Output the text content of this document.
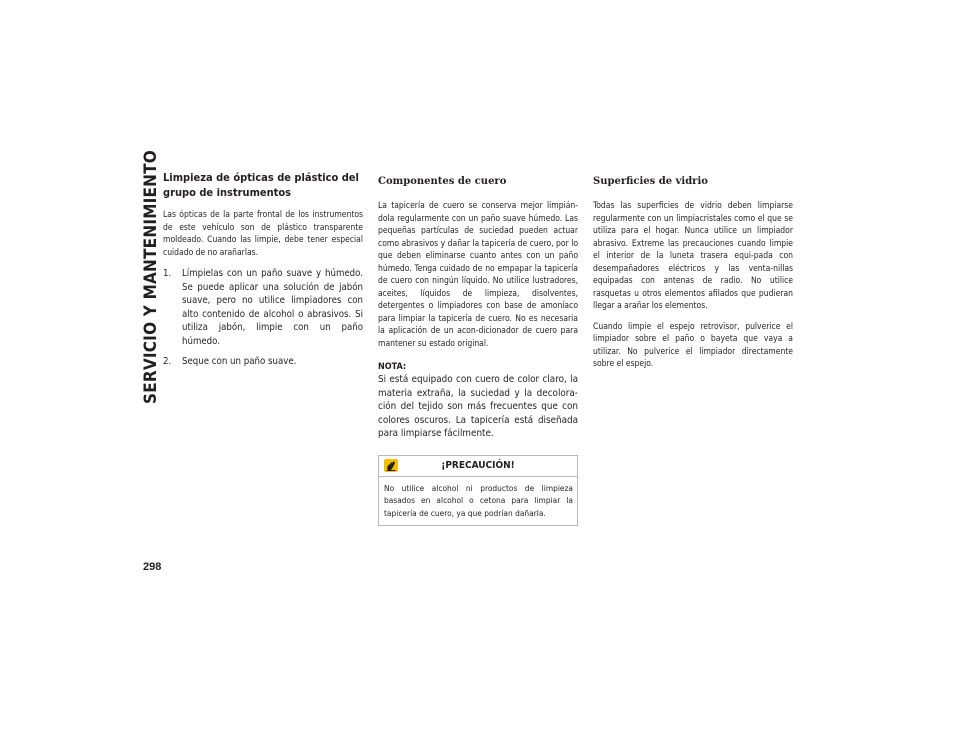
SERVICIO Y MANTENIMIENTO
298
Limpieza de ópticas de plástico del grupo de instrumentos

Las ópticas de la parte frontal de los instrumentos de este vehículo son de plástico transparente moldeado. Cuando las limpie, debe tener especial cuidado de no arañarlas.

1. Límpielas con un paño suave y húmedo. Se puede aplicar una solución de jabón suave, pero no utilice limpiadores con alto contenido de alcohol o abrasivos. Si utiliza jabón, limpie con un paño húmedo.
2. Seque con un paño suave.
Componentes de cuero

La tapicería de cuero se conserva mejor limpián-dola regularmente con un paño suave húmedo. Las pequeñas partículas de suciedad pueden actuar como abrasivos y dañar la tapicería de cuero, por lo que deben eliminarse cuanto antes con un paño húmedo. Tenga cuidado de no empapar la tapicería de cuero con ningún líquido. No utilice lustradores, aceites, líquidos de limpieza, disolventes, detergentes o limpiadores con base de amoníaco para limpiar la tapicería de cuero. No es necesaria la aplicación de un acon-dicionador de cuero para mantener su estado original.

NOTA:

Si está equipado con cuero de color claro, la materia extraña, la suciedad y la decolora-ción del tejido son más frecuentes que con colores oscuros. La tapicería está diseñada para limpiarse fácilmente.

¡PRECAUCIÓN!

No utilice alcohol ni productos de limpieza basados en alcohol o cetona para limpiar la tapicería de cuero, ya que podrían dañarla.

Superficies de vidrio

Todas las superficies de vidrio deben limpiarse regularmente con un limpiacristales como el que se utiliza para el hogar. Nunca utilice un limpiador abrasivo. Extreme las precauciones cuando limpie el interior de la luneta trasera equi-pada con desempañadores eléctricos y las venta-nillas equipadas con antenas de radio. No utilice rasquetas u otros elementos afilados que pudieran llegar a arañar los elementos.

Cuando limpie el espejo retrovisor, pulverice el limpiador sobre el paño o bayeta que vaya a utilizar. No pulverice el limpiador directamente sobre el espejo.
